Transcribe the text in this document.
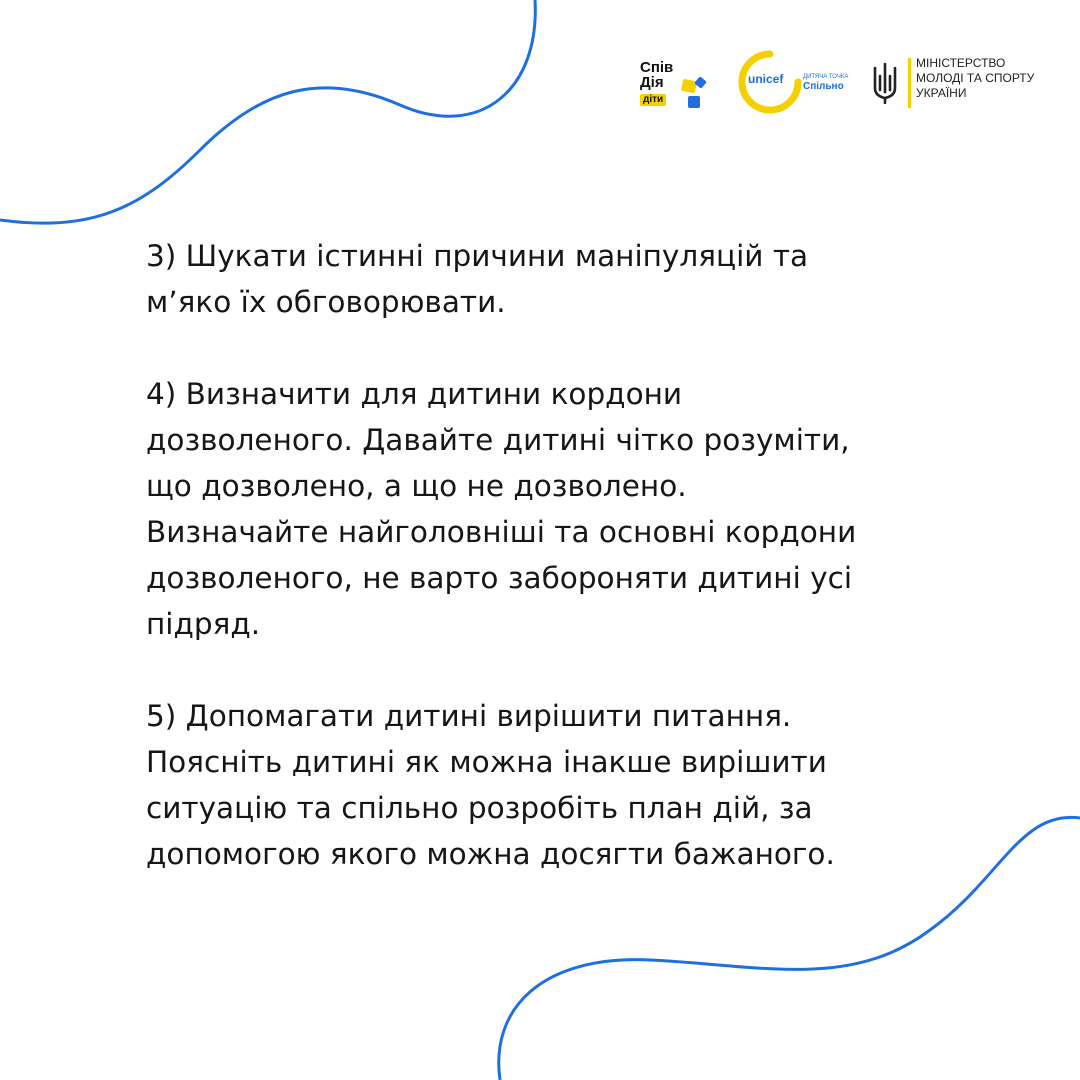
Спів
Дія
діти
unicef	ДИТЯЧА ТОЧКА
Спільно
МІНІСТЕРСТВО
МОЛОДІ ТА СПОРТУ
УКРАЇНИ

3) Шукати істинні причини маніпуляцій та
м’яко їх обговорювати.

4) Визначити для дитини кордони
дозволеного. Давайте дитині чітко розуміти,
що дозволено, а що не дозволено.
Визначайте найголовніші та основні кордони
дозволеного, не варто забороняти дитині усі
підряд.

5) Допомагати дитині вирішити питання.
Поясніть дитині як можна інакше вирішити
ситуацію та спільно розробіть план дій, за
допомогою якого можна досягти бажаного.
